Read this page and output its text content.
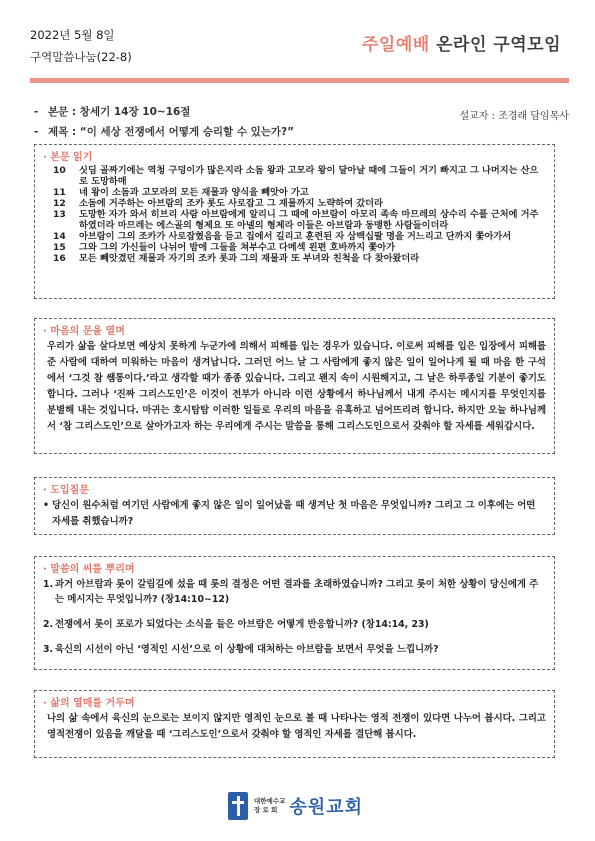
2022년 5월 8일
구역말씀나눔(22-8)
주일예배 온라인 구역모임
- 본문 : 창세기 14장 10~16절	설교자 : 조경래 담임목사
- 제목 : “이 세상 전쟁에서 어떻게 승리할 수 있는가?”
· 본문 읽기
10	싯딤 골짜기에는 역청 구덩이가 많은지라 소돔 왕과 고모라 왕이 달아날 때에 그들이 거기 빠지고 그 나머지는 산으로 도망하매
11	네 왕이 소돔과 고모라의 모든 재물과 양식을 빼앗아 가고
12	소돔에 거주하는 아브람의 조카 롯도 사로잡고 그 재물까지 노략하여 갔더라
13	도망한 자가 와서 히브리 사람 아브람에게 알리니 그 때에 아브람이 아모리 족속 마므레의 상수리 수풀 근처에 거주하였더라 마므레는 에스골의 형제요 또 아넬의 형제라 이들은 아브람과 동맹한 사람들이더라
14	아브람이 그의 조카가 사로잡혔음을 듣고 집에서 길리고 훈련된 자 삼백십팔 명을 거느리고 단까지 쫓아가서
15	그와 그의 가신들이 나뉘어 밤에 그들을 쳐부수고 다메섹 왼편 호바까지 쫓아가
16	모든 빼앗겼던 재물과 자기의 조카 롯과 그의 재물과 또 부녀와 친척을 다 찾아왔더라
· 마음의 문을 열며
우리가 삶을 살다보면 예상치 못하게 누군가에 의해서 피해를 입는 경우가 있습니다. 이로써 피해를 입은 입장에서 피해를 준 사람에 대하여 미워하는 마음이 생겨납니다. 그러던 어느 날 그 사람에게 좋지 않은 일이 일어나게 될 때 마음 한 구석에서 ‘그것 참 쌤통이다.’라고 생각할 때가 종종 있습니다. 그리고 왠지 속이 시원해지고, 그 날은 하루종일 기분이 좋기도 합니다. 그러나 ‘진짜 그리스도인’은 이것이 전부가 아니라 이런 상황에서 하나님께서 내게 주시는 메시지를 무엇인지를 분별해 내는 것입니다. 마귀는 호시탐탐 이러한 일들로 우리의 마음을 유혹하고 넘어뜨리려 합니다. 하지만 오늘 하나님께서 ‘참 그리스도인’으로 살아가고자 하는 우리에게 주시는 말씀을 통해 그리스도인으로서 갖춰야 할 자세를 세워갑시다.
· 도입질문
• 당신이 원수처럼 여기던 사람에게 좋지 않은 일이 일어났을 때 생겨난 첫 마음은 무엇입니까? 그리고 그 이후에는 어떤 자세를 취했습니까?
· 말씀의 씨를 뿌리며
1. 과거 아브람과 롯이 갈림길에 섰을 때 롯의 결정은 어떤 결과를 초래하였습니까? 그리고 롯이 처한 상황이 당신에게 주는 메시지는 무엇입니까? (창14:10~12)
2. 전쟁에서 롯이 포로가 되었다는 소식을 들은 아브람은 어떻게 반응합니까? (창14:14, 23)
3. 육신의 시선이 아닌 ‘영적인 시선’으로 이 상황에 대처하는 아브람을 보면서 무엇을 느낍니까?
· 삶의 열매를 거두며
나의 삶 속에서 육신의 눈으로는 보이지 않지만 영적인 눈으로 볼 때 나타나는 영적 전쟁이 있다면 나누어 봅시다. 그리고 영적전쟁이 있음을 깨달을 때 ‘그리스도인’으로서 갖춰야 할 영적인 자세를 결단해 봅시다.
대한예수교
장 로 회 송원교회
